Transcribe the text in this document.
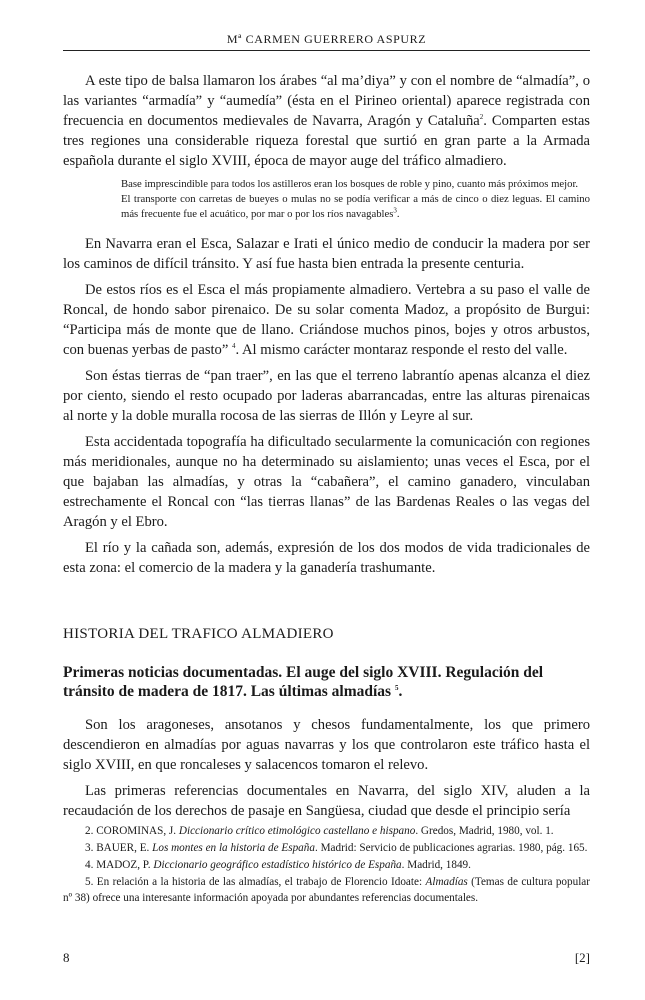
Mª CARMEN GUERRERO ASPURZ

A este tipo de balsa llamaron los árabes “al ma’diya” y con el nombre de “almadía”, o las variantes “armadía” y “aumedía” (ésta en el Pirineo oriental) aparece registrada con frecuencia en documentos medievales de Navarra, Aragón y Cataluña$^2$. Comparten estas tres regiones una considerable riqueza forestal que surtió en gran parte a la Armada española durante el siglo XVIII, época de mayor auge del tráfico almadiero.

Base imprescindible para todos los astilleros eran los bosques de roble y pino, cuanto más próximos mejor.

El transporte con carretas de bueyes o mulas no se podía verificar a más de cinco o diez leguas. El camino más frecuente fue el acuático, por mar o por los ríos navagables$^3$.

En Navarra eran el Esca, Salazar e Irati el único medio de conducir la madera por ser los caminos de difícil tránsito. Y así fue hasta bien entrada la presente centuria.

De estos ríos es el Esca el más propiamente almadiero. Vertebra a su paso el valle de Roncal, de hondo sabor pirenaico. De su solar comenta Madoz, a propósito de Burgui: “Participa más de monte que de llano. Criándose muchos pinos, bojes y otros arbustos, con buenas yerbas de pasto” $^4$. Al mismo carácter montaraz responde el resto del valle.

Son éstas tierras de “pan traer”, en las que el terreno labrantío apenas alcanza el diez por ciento, siendo el resto ocupado por laderas abarrancadas, entre las alturas pirenaicas al norte y la doble muralla rocosa de las sierras de Illón y Leyre al sur.

Esta accidentada topografía ha dificultado secularmente la comunicación con regiones más meridionales, aunque no ha determinado su aislamiento; unas veces el Esca, por el que bajaban las almadías, y otras la “cabañera”, el camino ganadero, vinculaban estrechamente el Roncal con “las tierras llanas” de las Bardenas Reales o las vegas del Aragón y el Ebro.

El río y la cañada son, además, expresión de los dos modos de vida tradicionales de esta zona: el comercio de la madera y la ganadería trashumante.

HISTORIA DEL TRAFICO ALMADIERO
Primeras noticias documentadas. El auge del siglo XVIII. Regulación del tránsito de madera de 1817. Las últimas almadías $^5$.

Son los aragoneses, ansotanos y chesos fundamentalmente, los que primero descendieron en almadías por aguas navarras y los que controlaron este tráfico hasta el siglo XVIII, en que roncaleses y salacencos tomaron el relevo.

Las primeras referencias documentales en Navarra, del siglo XIV, aluden a la recaudación de los derechos de pasaje en Sangüesa, ciudad que desde el principio sería

2. COROMINAS, J. Diccionario crítico etimológico castellano e hispano. Gredos, Madrid, 1980, vol. 1.

3. BAUER, E. Los montes en la historia de España. Madrid: Servicio de publicaciones agrarias. 1980, pág. 165.

4. MADOZ, P. Diccionario geográfico estadístico histórico de España. Madrid, 1849.

5. En relación a la historia de las almadías, el trabajo de Florencio Idoate: Almadías (Temas de cultura popular nº 38) ofrece una interesante información apoyada por abundantes referencias documentales.

8	[2]
